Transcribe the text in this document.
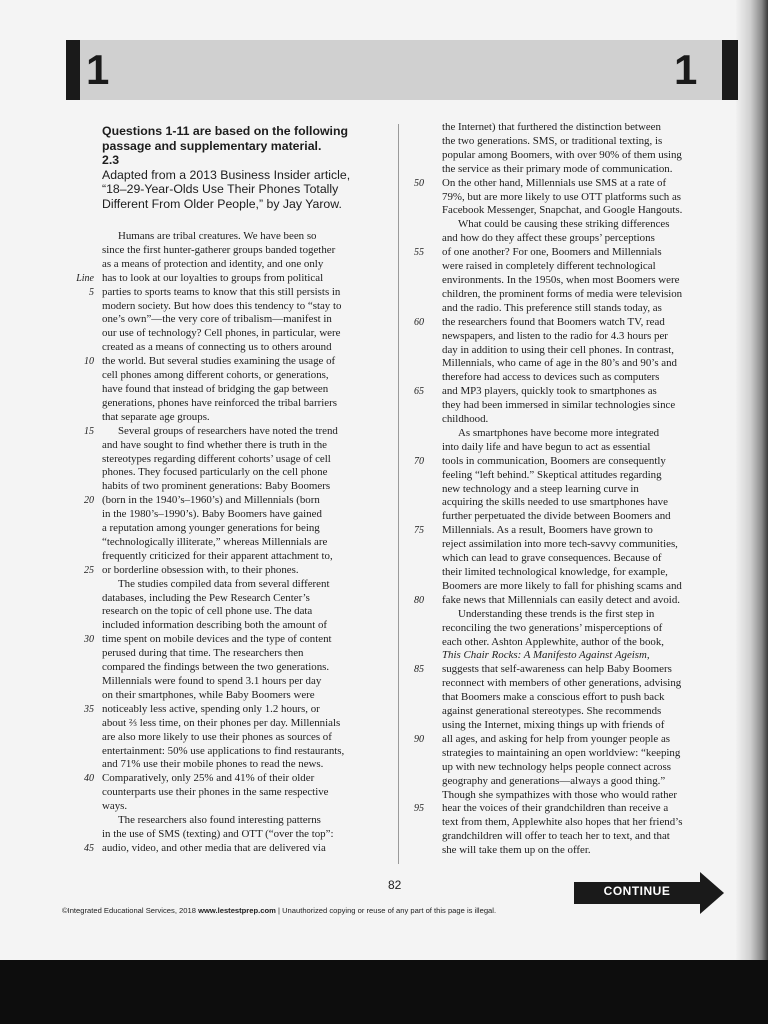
1	1

Questions 1-11 are based on the following

passage and supplementary material.

2.3

Adapted from a 2013 Business Insider article,

“18–29-Year-Olds Use Their Phones Totally

Different From Older People,” by Jay Yarow.

Humans are tribal creatures. We have been so
since the first hunter-gatherer groups banded together
as a means of protection and identity, and one only
has to look at our loyalties to groups from political
Line
parties to sports teams to know that this still persists in
5
modern society. But how does this tendency to “stay to
one’s own”—the very core of tribalism—manifest in
our use of technology? Cell phones, in particular, were
created as a means of connecting us to others around
the world. But several studies examining the usage of
10
cell phones among different cohorts, or generations,
have found that instead of bridging the gap between
generations, phones have reinforced the tribal barriers
that separate age groups.
Several groups of researchers have noted the trend
15
and have sought to find whether there is truth in the
stereotypes regarding different cohorts’ usage of cell
phones. They focused particularly on the cell phone
habits of two prominent generations: Baby Boomers
(born in the 1940’s–1960’s) and Millennials (born
20
in the 1980’s–1990’s). Baby Boomers have gained
a reputation among younger generations for being
“technologically illiterate,” whereas Millennials are
frequently criticized for their apparent attachment to,
or borderline obsession with, to their phones.
25
The studies compiled data from several different
databases, including the Pew Research Center’s
research on the topic of cell phone use. The data
included information describing both the amount of
time spent on mobile devices and the type of content
30
perused during that time. The researchers then
compared the findings between the two generations.
Millennials were found to spend 3.1 hours per day
on their smartphones, while Baby Boomers were
noticeably less active, spending only 1.2 hours, or
35
about ⅔ less time, on their phones per day. Millennials
are also more likely to use their phones as sources of
entertainment: 50% use applications to find restaurants,
and 71% use their mobile phones to read the news.
Comparatively, only 25% and 41% of their older
40
counterparts use their phones in the same respective
ways.
The researchers also found interesting patterns
in the use of SMS (texting) and OTT (“over the top”:
audio, video, and other media that are delivered via
45
the Internet) that furthered the distinction between
the two generations. SMS, or traditional texting, is
popular among Boomers, with over 90% of them using
the service as their primary mode of communication.
On the other hand, Millennials use SMS at a rate of
50
79%, but are more likely to use OTT platforms such as
Facebook Messenger, Snapchat, and Google Hangouts.
What could be causing these striking differences
and how do they affect these groups’ perceptions
of one another? For one, Boomers and Millennials
55
were raised in completely different technological
environments. In the 1950s, when most Boomers were
children, the prominent forms of media were television
and the radio. This preference still stands today, as
the researchers found that Boomers watch TV, read
60
newspapers, and listen to the radio for 4.3 hours per
day in addition to using their cell phones. In contrast,
Millennials, who came of age in the 80’s and 90’s and
therefore had access to devices such as computers
and MP3 players, quickly took to smartphones as
65
they had been immersed in similar technologies since
childhood.
As smartphones have become more integrated
into daily life and have begun to act as essential
tools in communication, Boomers are consequently
70
feeling “left behind.” Skeptical attitudes regarding
new technology and a steep learning curve in
acquiring the skills needed to use smartphones have
further perpetuated the divide between Boomers and
Millennials. As a result, Boomers have grown to
75
reject assimilation into more tech-savvy communities,
which can lead to grave consequences. Because of
their limited technological knowledge, for example,
Boomers are more likely to fall for phishing scams and
fake news that Millennials can easily detect and avoid.
80
Understanding these trends is the first step in
reconciling the two generations’ misperceptions of
each other. Ashton Applewhite, author of the book,
This Chair Rocks: A Manifesto Against Ageism,
suggests that self-awareness can help Baby Boomers
85
reconnect with members of other generations, advising
that Boomers make a conscious effort to push back
against generational stereotypes. She recommends
using the Internet, mixing things up with friends of
all ages, and asking for help from younger people as
90
strategies to maintaining an open worldview: “keeping
up with new technology helps people connect across
geography and generations—always a good thing.”
Though she sympathizes with those who would rather
hear the voices of their grandchildren than receive a
95
text from them, Applewhite also hopes that her friend’s
grandchildren will offer to teach her to text, and that
she will take them up on the offer.
82	CONTINUE
©Integrated Educational Services, 2018 www.lestestprep.com | Unauthorized copying or reuse of any part of this page is illegal.
